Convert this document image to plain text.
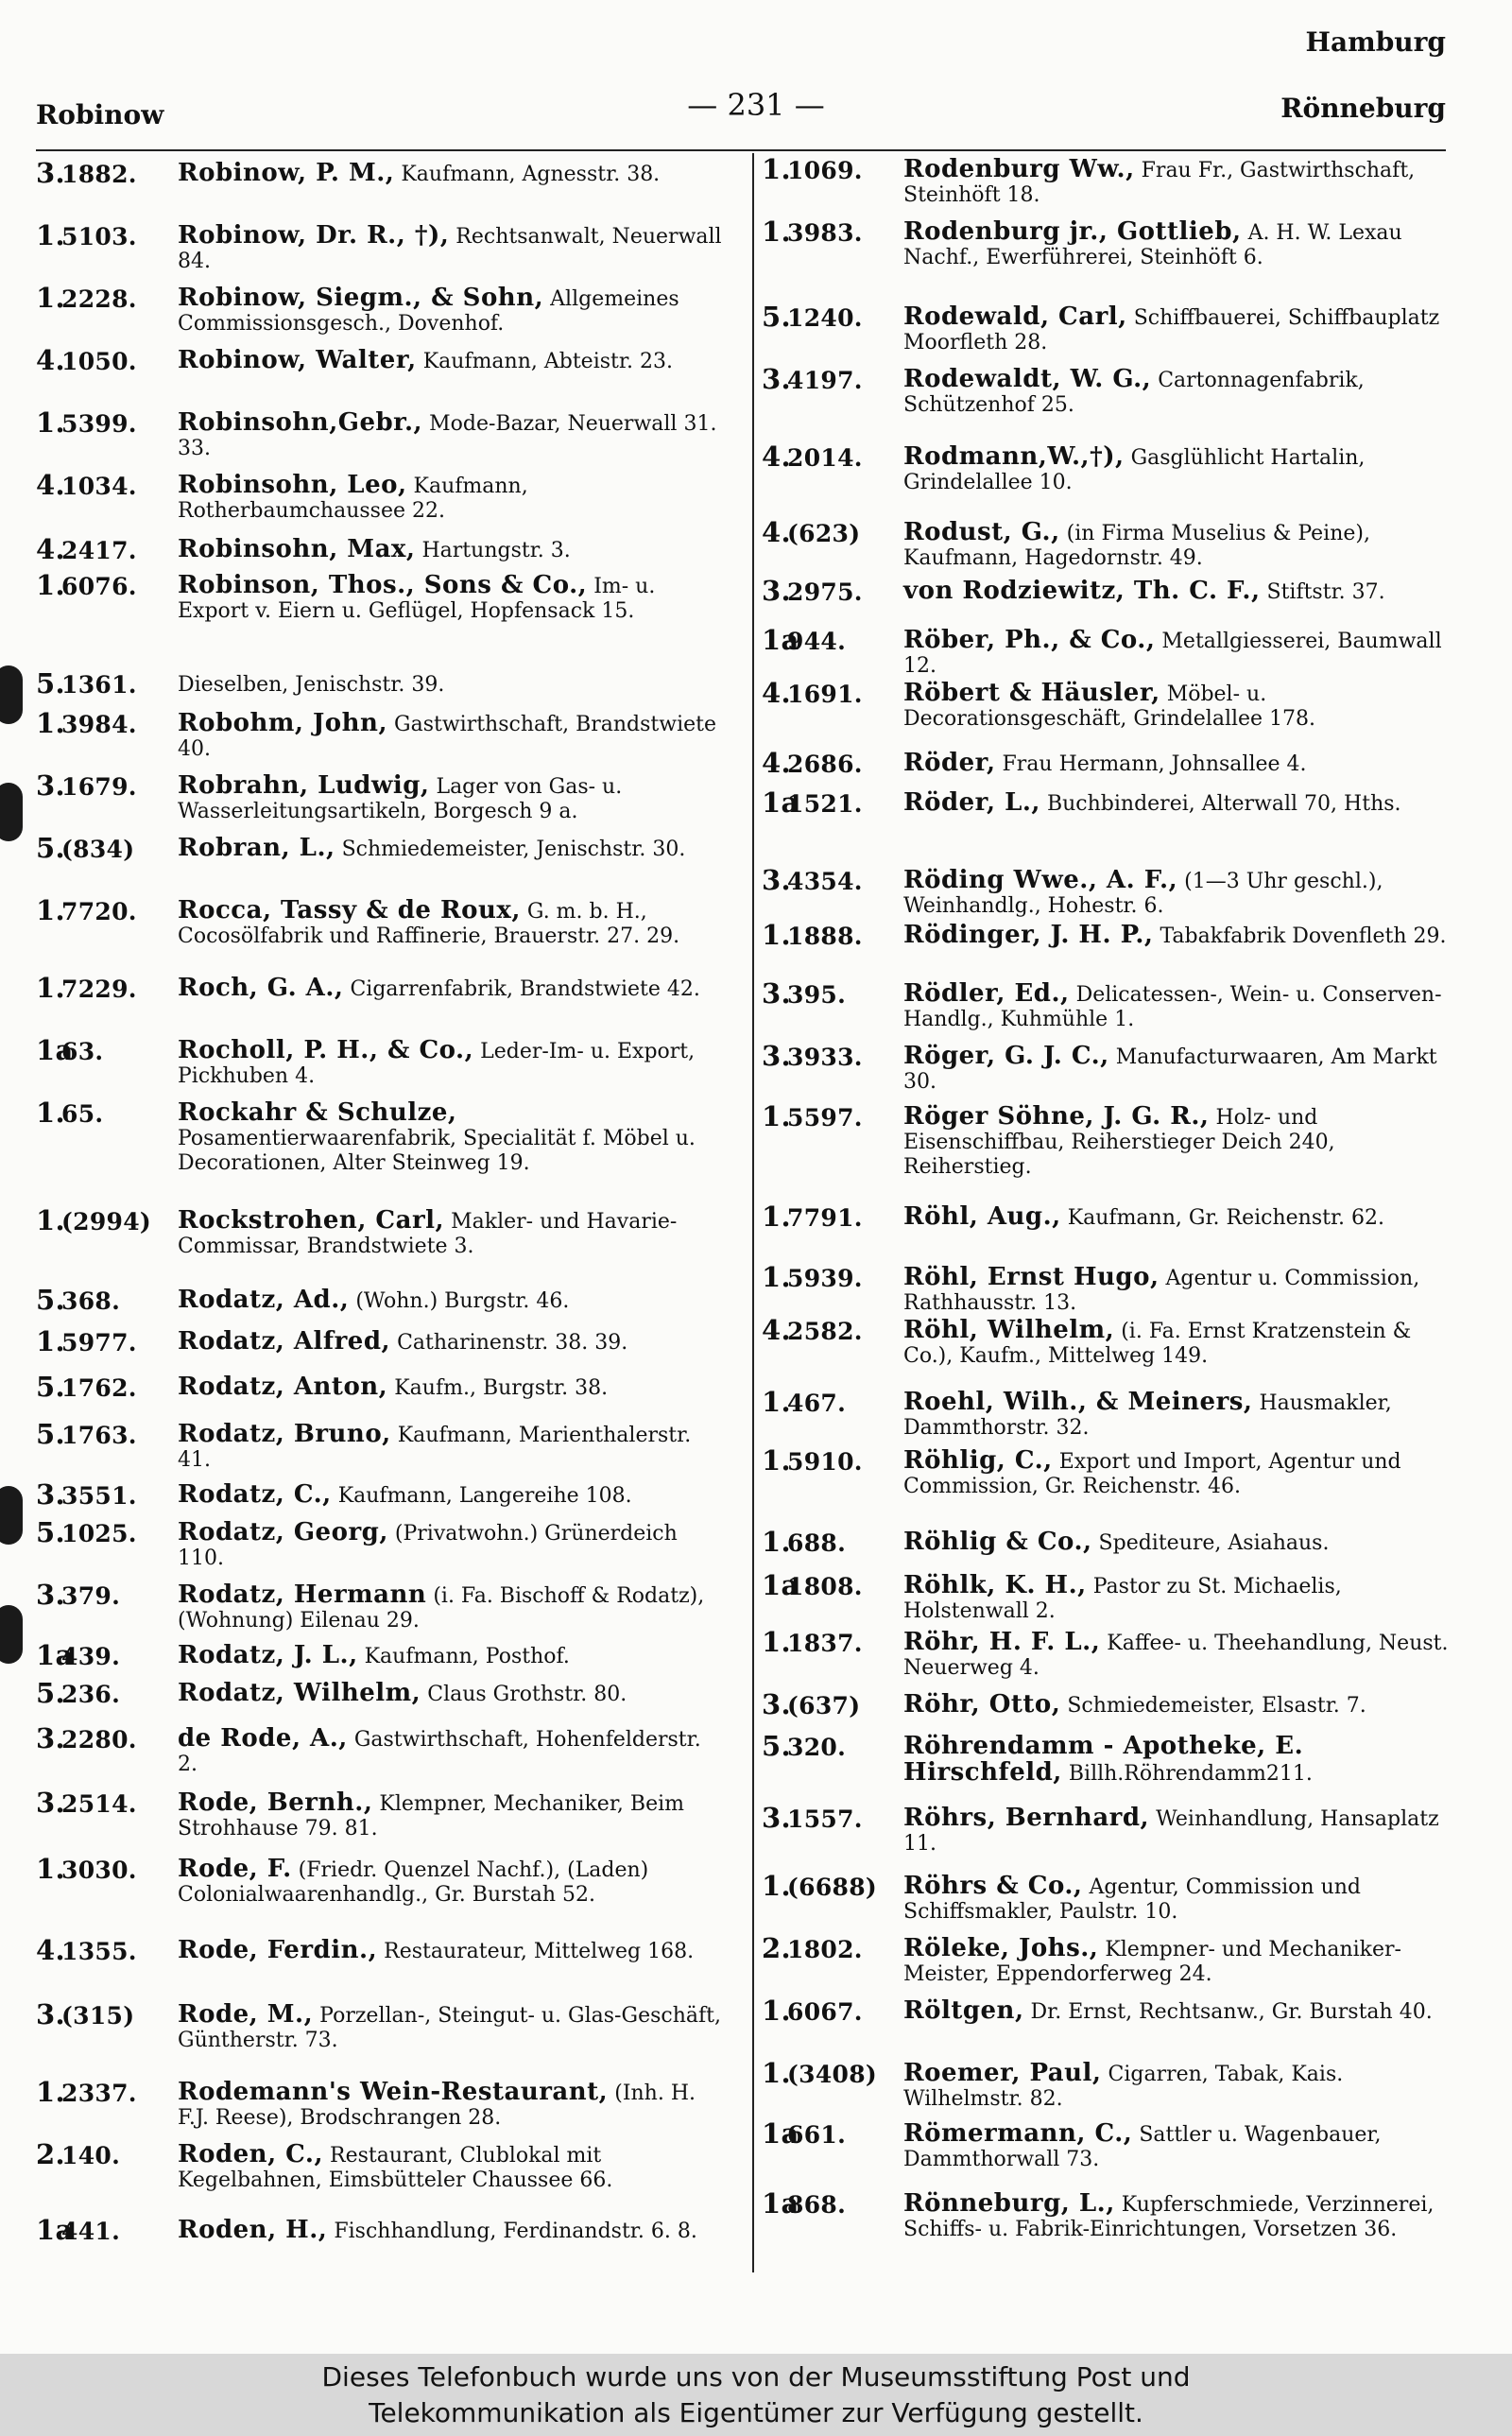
Hamburg
Robinow	— 231 —	Rönneburg
3.1882. Robinow, P. M., Kaufmann, Agnesstr. 38.
1.5103. Robinow, Dr. R., †), Rechtsanwalt, Neuerwall 84.
1.2228. Robinow, Siegm., & Sohn, Allgemeines Commissionsgesch., Dovenhof.
4.1050. Robinow, Walter, Kaufmann, Abteistr. 23.
1.5399. Robinsohn,Gebr., Mode-Bazar, Neuerwall 31. 33.
4.1034. Robinsohn, Leo, Kaufmann, Rotherbaumchaussee 22.
4.2417. Robinsohn, Max, Hartungstr. 3.
1.6076. Robinson, Thos., Sons & Co., Im- u. Export v. Eiern u. Geflügel, Hopfensack 15.
5.1361. Dieselben, Jenischstr. 39.
1.3984. Robohm, John, Gastwirthschaft, Brandstwiete 40.
3.1679. Robrahn, Ludwig, Lager von Gas- u. Wasserleitungsartikeln, Borgesch 9 a.
5.(834) Robran, L., Schmiedemeister, Jenischstr. 30.
1.7720. Rocca, Tassy & de Roux, G. m. b. H., Cocosölfabrik und Raffinerie, Brauerstr. 27. 29.
1.7229. Roch, G. A., Cigarrenfabrik, Brandstwiete 42.
1a63.	Rocholl, P. H., & Co., Leder-Im- u. Export, Pickhuben 4.
1.65.	Rockahr & Schulze, Posamentierwaarenfabrik, Specialität f. Möbel u. Decorationen, Alter Steinweg 19.
1.(2994) Rockstrohen, Carl, Makler- und Havarie-Commissar, Brandstwiete 3.
5.368. Rodatz, Ad., (Wohn.) Burgstr. 46.
1.5977. Rodatz, Alfred, Catharinenstr. 38. 39.
5.1762. Rodatz, Anton, Kaufm., Burgstr. 38.
5.1763. Rodatz, Bruno, Kaufmann, Marienthalerstr. 41.
3.3551. Rodatz, C., Kaufmann, Langereihe 108.
5.1025. Rodatz, Georg, (Privatwohn.) Grünerdeich 110.
3.379. Rodatz, Hermann (i. Fa. Bischoff & Rodatz), (Wohnung) Eilenau 29.
1a439. Rodatz, J. L., Kaufmann, Posthof.
5.236. Rodatz, Wilhelm, Claus Grothstr. 80.
3.2280. de Rode, A., Gastwirthschaft, Hohenfelderstr. 2.
3.2514. Rode, Bernh., Klempner, Mechaniker, Beim Strohhause 79. 81.
1.3030. Rode, F. (Friedr. Quenzel Nachf.), (Laden) Colonialwaarenhandlg., Gr. Burstah 52.
4.1355. Rode, Ferdin., Restaurateur, Mittelweg 168.
3.(315) Rode, M., Porzellan-, Steingut- u. Glas-Geschäft, Güntherstr. 73.
1.2337. Rodemann's Wein-Restaurant, (Inh. H. F.J. Reese), Brodschrangen 28.
2.140. Roden, C., Restaurant, Clublokal mit Kegelbahnen, Eimsbütteler Chaussee 66.
1a441. Roden, H., Fischhandlung, Ferdinandstr. 6. 8.
1.1069. Rodenburg Ww., Frau Fr., Gastwirthschaft, Steinhöft 18.
1.3983. Rodenburg jr., Gottlieb, A. H. W. Lexau Nachf., Ewerführerei, Steinhöft 6.
5.1240. Rodewald, Carl, Schiffbauerei, Schiffbauplatz Moorfleth 28.
3.4197. Rodewaldt, W. G., Cartonnagenfabrik, Schützenhof 25.
4.2014. Rodmann,W.,†), Gasglühlicht Hartalin, Grindelallee 10.
4.(623) Rodust, G., (in Firma Muselius & Peine), Kaufmann, Hagedornstr. 49.
3.2975. von Rodziewitz, Th. C. F., Stiftstr. 37.
1a944. Röber, Ph., & Co., Metallgiesserei, Baumwall 12.
4.1691. Röbert & Häusler, Möbel- u. Decorationsgeschäft, Grindelallee 178.
4.2686. Röder, Frau Hermann, Johnsallee 4.
1a1521. Röder, L., Buchbinderei, Alterwall 70, Hths.
3.4354. Röding Wwe., A. F., (1—3 Uhr geschl.), Weinhandlg., Hohestr. 6.
1.1888. Rödinger, J. H. P., Tabakfabrik Dovenfleth 29.
3.395. Rödler, Ed., Delicatessen-, Wein- u. Conserven-Handlg., Kuhmühle 1.
3.3933. Röger, G. J. C., Manufacturwaaren, Am Markt 30.
1.5597. Röger Söhne, J. G. R., Holz- und Eisenschiffbau, Reiherstieger Deich 240, Reiherstieg.
1.7791. Röhl, Aug., Kaufmann, Gr. Reichenstr. 62.
1.5939. Röhl, Ernst Hugo, Agentur u. Commission, Rathhausstr. 13.
4.2582. Röhl, Wilhelm, (i. Fa. Ernst Kratzenstein & Co.), Kaufm., Mittelweg 149.
1.467. Roehl, Wilh., & Meiners, Hausmakler, Dammthorstr. 32.
1.5910. Röhlig, C., Export und Import, Agentur und Commission, Gr. Reichenstr. 46.
1.688. Röhlig & Co., Spediteure, Asiahaus.
1a1808. Röhlk, K. H., Pastor zu St. Michaelis, Holstenwall 2.
1.1837. Röhr, H. F. L., Kaffee- u. Theehandlung, Neust. Neuerweg 4.
3.(637) Röhr, Otto, Schmiedemeister, Elsastr. 7.
5.320. Röhrendamm - Apotheke, E. Hirschfeld, Billh.Röhrendamm211.
3.1557. Röhrs, Bernhard, Weinhandlung, Hansaplatz 11.
1.(6688) Röhrs & Co., Agentur, Commission und Schiffsmakler, Paulstr. 10.
2.1802. Röleke, Johs., Klempner- und Mechaniker-Meister, Eppendorferweg 24.
1.6067. Röltgen, Dr. Ernst, Rechtsanw., Gr. Burstah 40.
1.(3408) Roemer, Paul, Cigarren, Tabak, Kais. Wilhelmstr. 82.
1a661. Römermann, C., Sattler u. Wagenbauer, Dammthorwall 73.
1a868. Rönneburg, L., Kupferschmiede, Verzinnerei, Schiffs- u. Fabrik-Einrichtungen, Vorsetzen 36.
Dieses Telefonbuch wurde uns von der Museumsstiftung Post und
Telekommunikation als Eigentümer zur Verfügung gestellt.
